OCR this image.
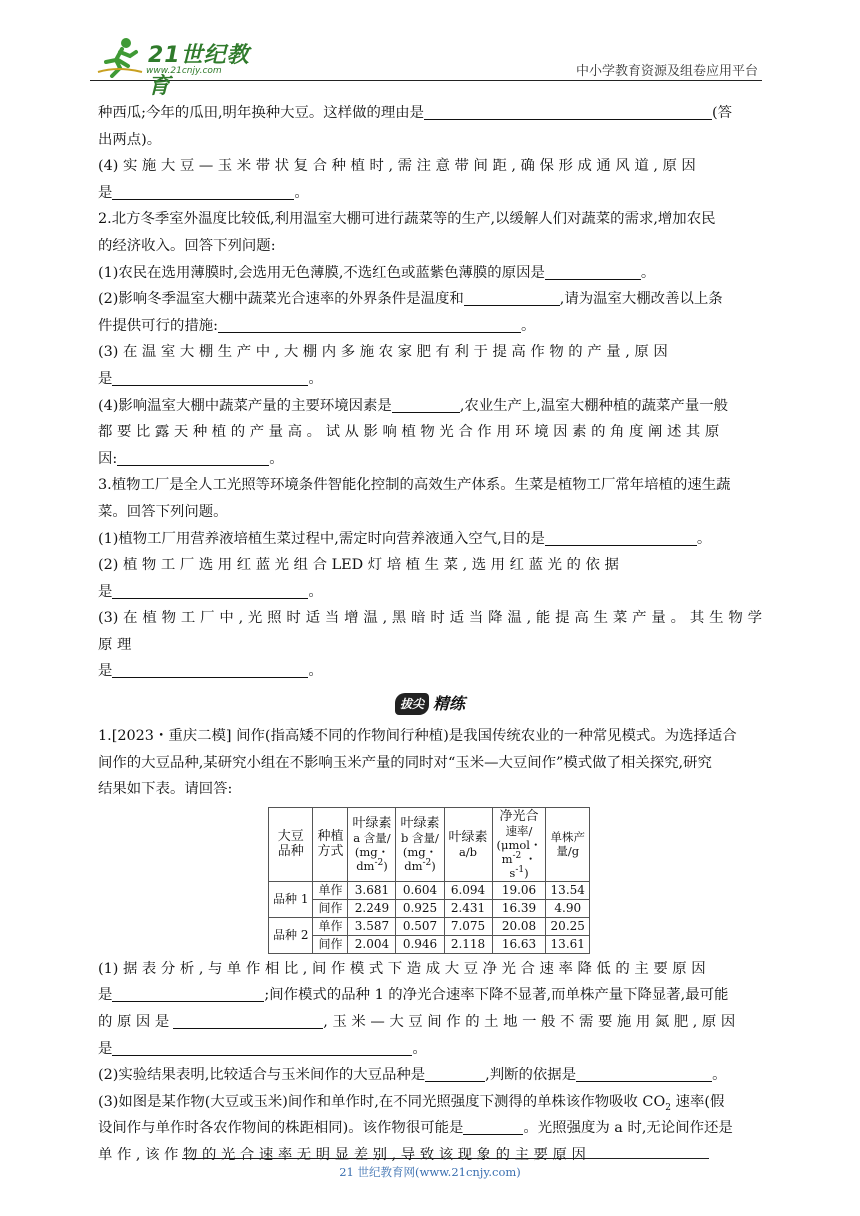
21世纪教育
www.21cnjy.com	中小学教育资源及组卷应用平台

种西瓜;今年的瓜田,明年换种大豆。这样做的理由是	(答

出两点)。

(4) 实 施 大 豆 — 玉 米 带 状 复 合 种 植 时 , 需 注 意 带 间 距 , 确 保 形 成 通 风 道 , 原 因

是	。

2.北方冬季室外温度比较低,利用温室大棚可进行蔬菜等的生产,以缓解人们对蔬菜的需求,增加农民

的经济收入。回答下列问题:

(1)农民在选用薄膜时,会选用无色薄膜,不选红色或蓝紫色薄膜的原因是	。

(2)影响冬季温室大棚中蔬菜光合速率的外界条件是温度和	,请为温室大棚改善以上条

件提供可行的措施:	。

(3) 在 温 室 大 棚 生 产 中 , 大 棚 内 多 施 农 家 肥 有 利 于 提 高 作 物 的 产 量 , 原 因

是	。

(4)影响温室大棚中蔬菜产量的主要环境因素是	,农业生产上,温室大棚种植的蔬菜产量一般

都 要 比 露 天 种 植 的 产 量 高 。 试 从 影 响 植 物 光 合 作 用 环 境 因 素 的 角 度 阐 述 其 原

因:	。

3.植物工厂是全人工光照等环境条件智能化控制的高效生产体系。生菜是植物工厂常年培植的速生蔬

菜。回答下列问题。

(1)植物工厂用营养液培植生菜过程中,需定时向营养液通入空气,目的是	。

(2) 植 物 工 厂 选 用 红 蓝 光 组 合 LED 灯 培 植 生 菜 , 选 用 红 蓝 光 的 依 据

是	。

(3) 在 植 物 工 厂 中 , 光 照 时 适 当 增 温 , 黑 暗 时 适 当 降 温 , 能 提 高 生 菜 产 量 。 其 生 物 学 原 理

是	。

拔尖 精练

1.[2023・重庆二模] 间作(指高矮不同的作物间行种植)是我国传统农业的一种常见模式。为选择适合

间作的大豆品种,某研究小组在不影响玉米产量的同时对“玉米—大豆间作”模式做了相关探究,研究

结果如下表。请回答:

大豆
品种	种植
方式	叶绿素
a 含量/
(mg・
$dm^{-2}$)	叶绿素
b 含量/
(mg・
$dm^{-2}$)	叶绿素
a/b	净光合
速率/
(μmol・
$m^{-2}$ ・
$s^{-1}$)	单株产
量/g
品种 1	单作	3.681	0.604	6.094	19.06	13.54
	间作	2.249	0.925	2.431	16.39	4.90
品种 2	单作	3.587	0.507	7.075	20.08	20.25
	间作	2.004	0.946	2.118	16.63	13.61

(1) 据 表 分 析 , 与 单 作 相 比 , 间 作 模 式 下 造 成 大 豆 净 光 合 速 率 降 低 的 主 要 原 因

是	;间作模式的品种 1 的净光合速率下降不显著,而单株产量下降显著,最可能

的 原 因 是	, 玉 米 — 大 豆 间 作 的 土 地 一 般 不 需 要 施 用 氮 肥 , 原 因

是	。

(2)实验结果表明,比较适合与玉米间作的大豆品种是	,判断的依据是	。

(3)如图是某作物(大豆或玉米)间作和单作时,在不同光照强度下测得的单株该作物吸收 $CO_2$ 速率(假

设间作与单作时各农作物间的株距相同)。该作物很可能是	。光照强度为 a 时,无论间作还是

单 作 , 该 作 物 的 光 合 速 率 无 明 显 差 别 , 导 致 该 现 象 的 主 要 原 因

21 世纪教育网(www.21cnjy.com)
